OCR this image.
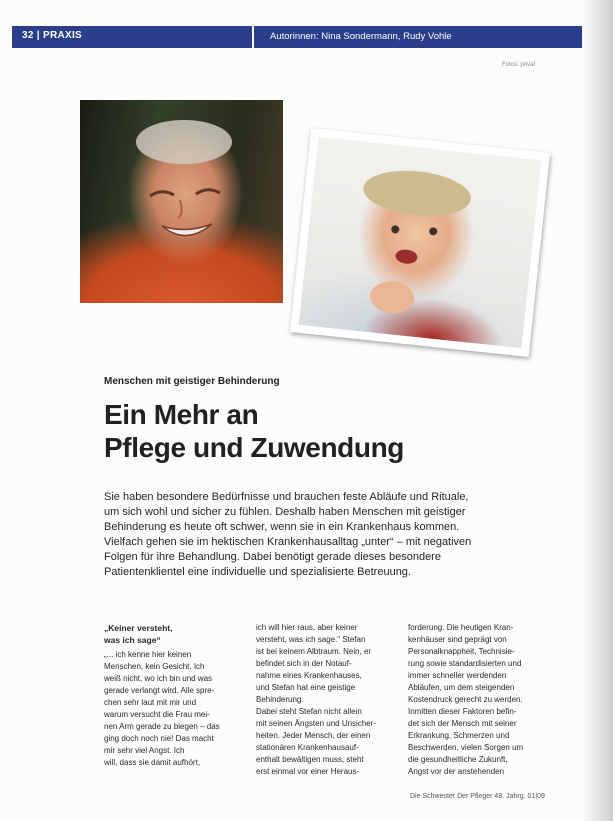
32 | PRAXIS	Autorinnen: Nina Sondermann, Rudy Vohle
Fotos: privat
Menschen mit geistiger Behinderung
Ein Mehr an
Pflege und Zuwendung
Sie haben besondere Bedürfnisse und brauchen feste Abläufe und Rituale,
um sich wohl und sicher zu fühlen. Deshalb haben Menschen mit geistiger
Behinderung es heute oft schwer, wenn sie in ein Krankenhaus kommen.
Vielfach gehen sie im hektischen Krankenhausalltag „unter“ – mit negativen
Folgen für ihre Behandlung. Dabei benötigt gerade dieses besondere
Patientenklientel eine individuelle und spezialisierte Betreuung.
„Keiner versteht,
was ich sage“
„... ich kenne hier keinen
Menschen, kein Gesicht. Ich
weiß nicht, wo ich bin und was
gerade verlangt wird. Alle spre-
chen sehr laut mit mir und
warum versucht die Frau mei-
nen Arm gerade zu biegen – das
ging doch noch nie! Das macht
mir sehr viel Angst. Ich
will, dass sie damit aufhört,
ich will hier raus, aber keiner
versteht, was ich sage.“ Stefan
ist bei keinem Albtraum. Nein, er
befindet sich in der Notauf-
nahme eines Krankenhauses,
und Stefan hat eine geistige
Behinderung.
Dabei steht Stefan nicht allein
mit seinen Ängsten und Unsicher-
heiten. Jeder Mensch, der einen
stationären Krankenhausauf-
enthalt bewältigen muss, steht
erst einmal vor einer Heraus-
forderung. Die heutigen Kran-
kenhäuser sind geprägt von
Personalknappheit, Technisie-
rung sowie standardisierten und
immer schneller werdenden
Abläufen, um dem steigenden
Kostendruck gerecht zu werden.
Inmitten dieser Faktoren befin-
det sich der Mensch mit seiner
Erkrankung, Schmerzen und
Beschwerden, vielen Sorgen um
die gesundheitliche Zukunft,
Angst vor der anstehenden
Die Schwester Der Pfleger 48. Jahrg. 01|09
